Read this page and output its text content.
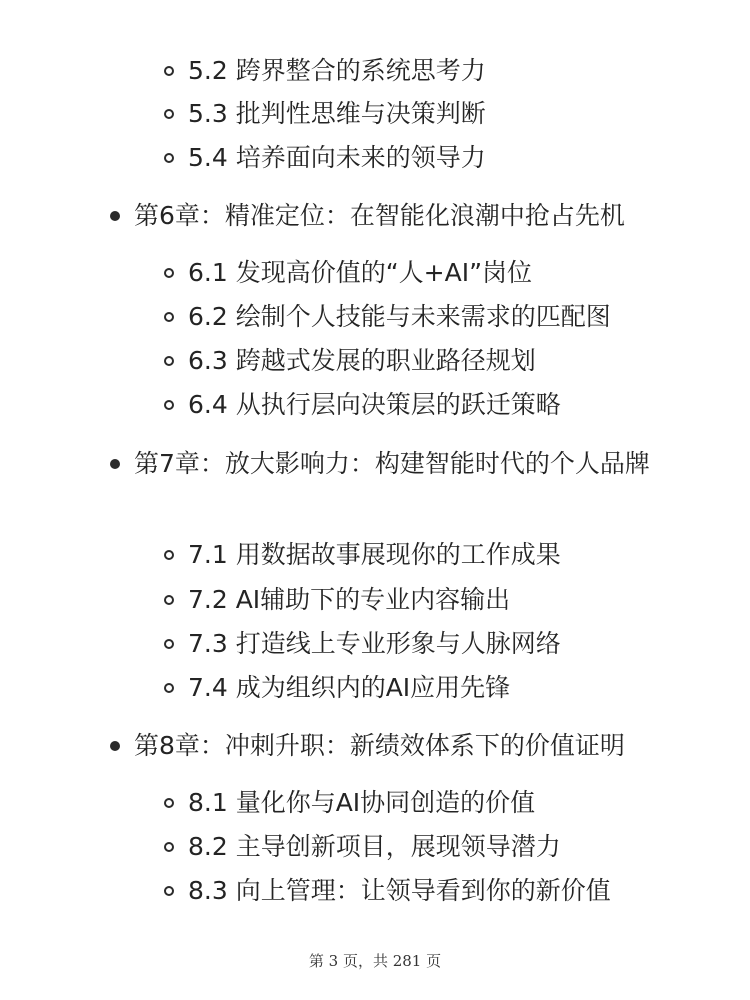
5.2 跨界整合的系统思考力
5.3 批判性思维与决策判断
5.4 培养面向未来的领导力
第6章：精准定位：在智能化浪潮中抢占先机
6.1 发现高价值的“人+AI”岗位
6.2 绘制个人技能与未来需求的匹配图
6.3 跨越式发展的职业路径规划
6.4 从执行层向决策层的跃迁策略
第7章：放大影响力：构建智能时代的个人品牌
7.1 用数据故事展现你的工作成果
7.2 AI辅助下的专业内容输出
7.3 打造线上专业形象与人脉网络
7.4 成为组织内的AI应用先锋
第8章：冲刺升职：新绩效体系下的价值证明
8.1 量化你与AI协同创造的价值
8.2 主导创新项目，展现领导潜力
8.3 向上管理：让领导看到你的新价值
第 3 页，共 281 页
